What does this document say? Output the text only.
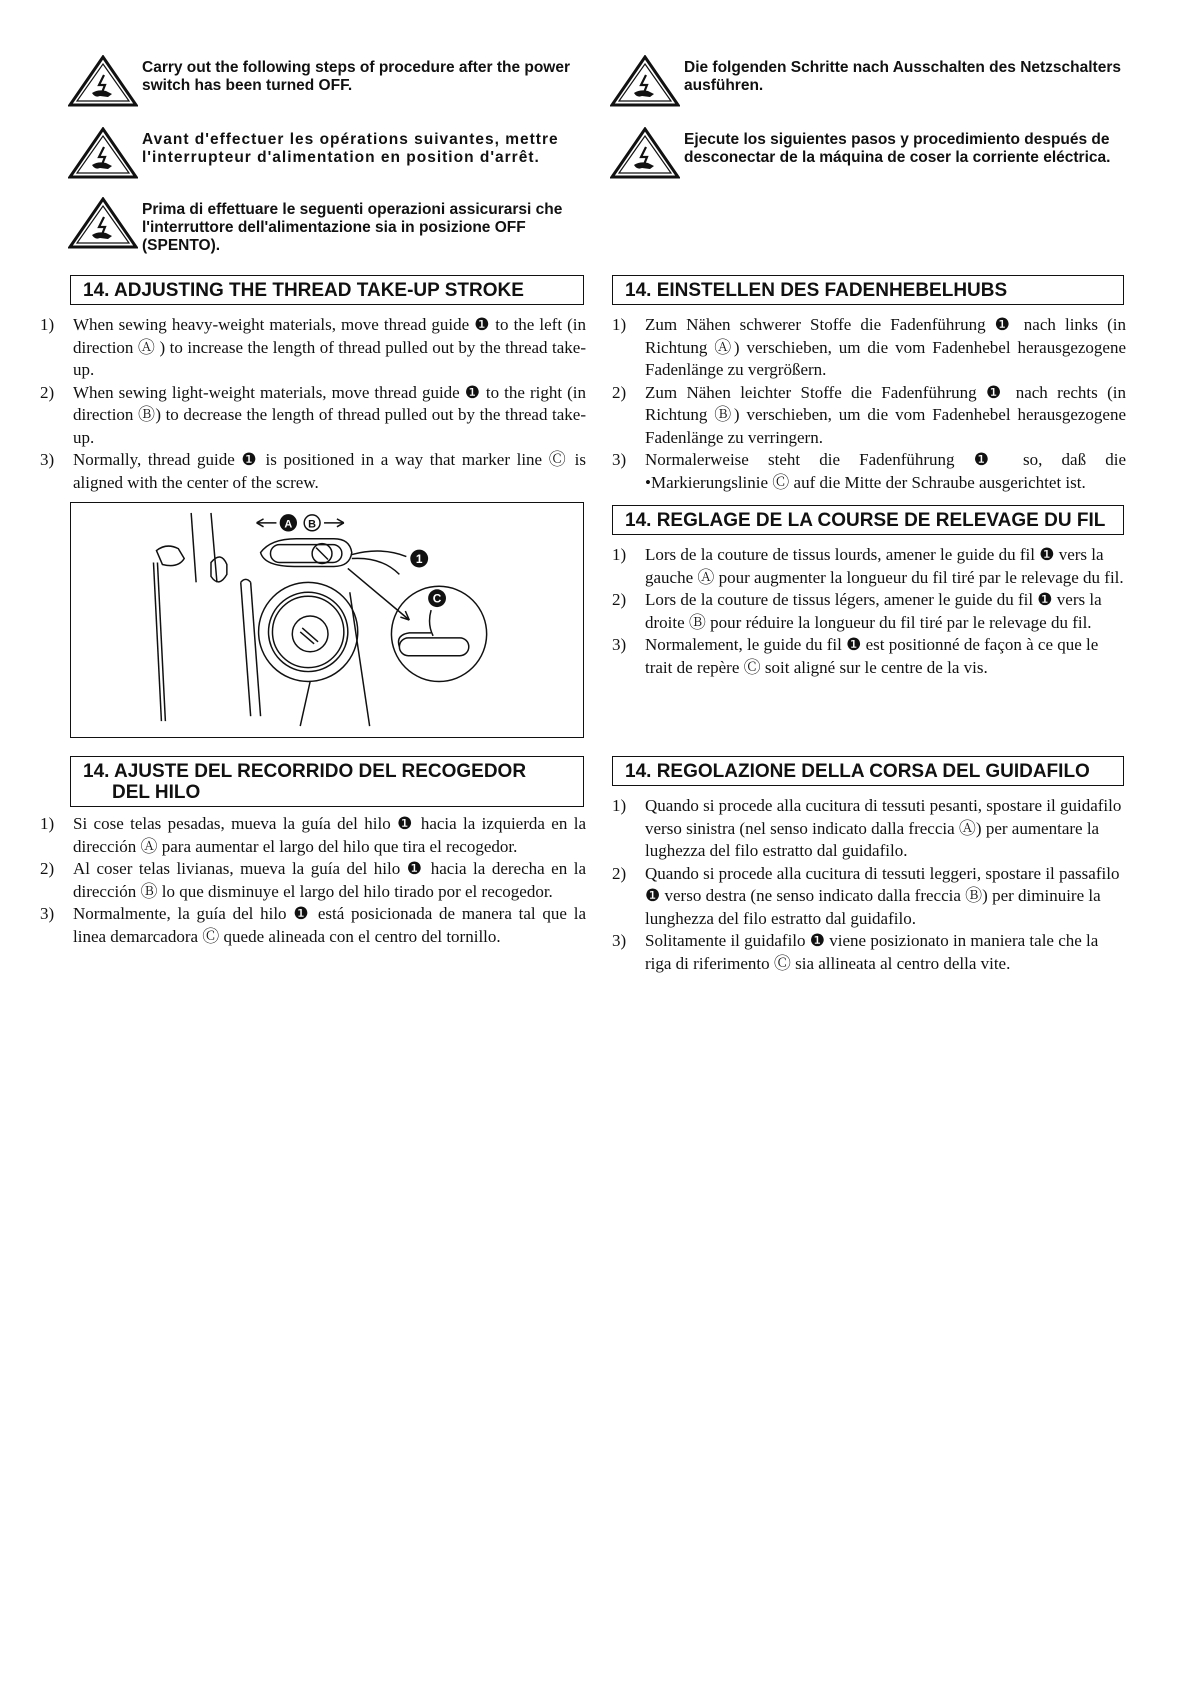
Carry out the following steps of procedure after the power switch has been turned OFF.
Die folgenden Schritte nach Ausschalten des Netzschalters ausführen.
Avant d'effectuer les opérations suivantes, mettre l'interrupteur d'alimentation en position d'arrêt.
Ejecute los siguientes pasos y procedimiento después de desconectar de la máquina de coser la corriente eléctrica.
Prima di effettuare le seguenti operazioni assicurarsi che l'interruttore dell'alimentazione sia in posizione OFF (SPENTO).
14. ADJUSTING THE THREAD TAKE-UP STROKE
1) When sewing heavy-weight materials, move thread guide ❶ to the left (in direction Ⓐ ) to increase the length of thread pulled out by the thread take-up.
2) When sewing light-weight materials, move thread guide ❶ to the right (in direction Ⓑ) to decrease the length of thread pulled out by the thread take-up.
3) Normally, thread guide ❶ is positioned in a way that marker line Ⓒ is aligned with the center of the screw.
14. EINSTELLEN DES FADENHEBELHUBS
1) Zum Nähen schwerer Stoffe die Fadenführung ❶ nach links (in Richtung Ⓐ) verschieben, um die vom Fadenhebel herausgezogene Fadenlänge zu vergrößern.
2) Zum Nähen leichter Stoffe die Fadenführung ❶ nach rechts (in Richtung Ⓑ) verschieben, um die vom Fadenhebel herausgezogene Fadenlänge zu verringern.
3) Normalerweise steht die Fadenführung ❶ so, daß die •Markierungslinie Ⓒ auf die Mitte der Schraube ausgerichtet ist.
A B
1
C
14. REGLAGE DE LA COURSE DE RELEVAGE DU FIL
1) Lors de la couture de tissus lourds, amener le guide du fil ❶ vers la gauche Ⓐ pour augmenter la longueur du fil tiré par le relevage du fil.
2) Lors de la couture de tissus légers, amener le guide du fil ❶ vers la droite Ⓑ pour réduire la longueur du fil tiré par le relevage du fil.
3) Normalement, le guide du fil ❶ est positionné de façon à ce que le trait de repère Ⓒ soit aligné sur le centre de la vis.
14. AJUSTE DEL RECORRIDO DEL RECOGEDOR
DEL HILO
1) Si cose telas pesadas, mueva la guía del hilo ❶ hacia la izquierda en la dirección Ⓐ para aumentar el largo del hilo que tira el recogedor.
2) Al coser telas livianas, mueva la guía del hilo ❶ hacia la derecha en la dirección Ⓑ lo que disminuye el largo del hilo tirado por el recogedor.
3) Normalmente, la guía del hilo ❶ está posicionada de manera tal que la linea demarcadora Ⓒ quede alineada con el centro del tornillo.
14. REGOLAZIONE DELLA CORSA DEL GUIDAFILO
1) Quando si procede alla cucitura di tessuti pesanti, spostare il guidafilo verso sinistra (nel senso indicato dalla freccia Ⓐ) per aumentare la lughezza del filo estratto dal guidafilo.
2) Quando si procede alla cucitura di tessuti leggeri, spostare il passafilo ❶ verso destra (ne senso indicato dalla freccia Ⓑ) per diminuire la lunghezza del filo estratto dal guidafilo.
3) Solitamente il guidafilo ❶ viene posizionato in maniera tale che la riga di riferimento Ⓒ sia allineata al centro della vite.
